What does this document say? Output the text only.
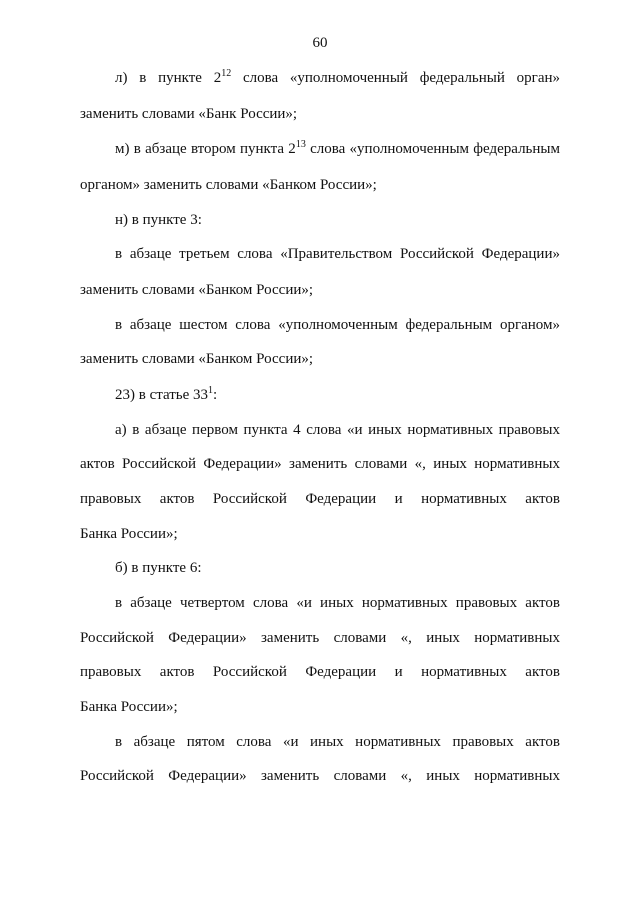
60
л) в пункте $2^{12}$ слова «уполномоченный федеральный орган»
заменить словами «Банк России»;
м) в абзаце втором пункта $2^{13}$ слова «уполномоченным федеральным
органом» заменить словами «Банком России»;
н) в пункте 3:
в абзаце третьем слова «Правительством Российской Федерации»
заменить словами «Банком России»;
в абзаце шестом слова «уполномоченным федеральным органом»
заменить словами «Банком России»;
23) в статье $33^1$:
а) в абзаце первом пункта 4 слова «и иных нормативных правовых
актов Российской Федерации» заменить словами «, иных нормативных
правовых актов Российской Федерации и нормативных актов
Банка России»;
б) в пункте 6:
в абзаце четвертом слова «и иных нормативных правовых актов
Российской Федерации» заменить словами «, иных нормативных
правовых актов Российской Федерации и нормативных актов
Банка России»;
в абзаце пятом слова «и иных нормативных правовых актов
Российской Федерации» заменить словами «, иных нормативных
